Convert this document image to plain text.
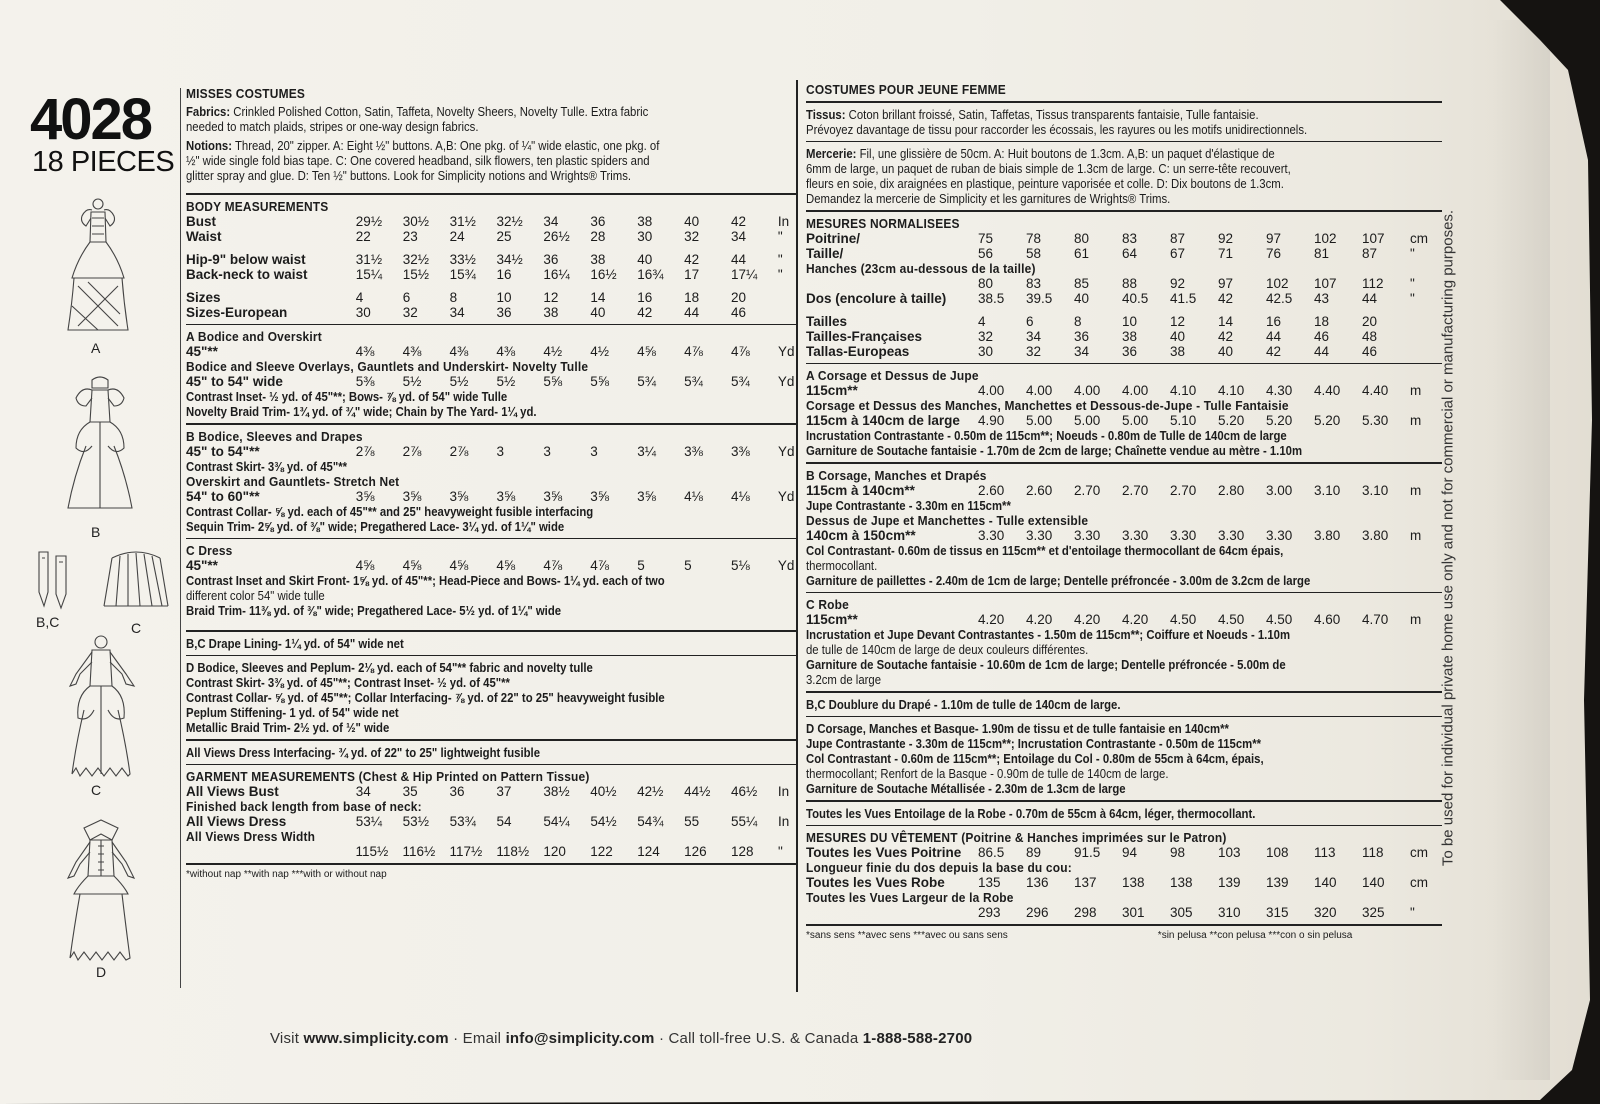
4028
18 PIECES
A
B
B,C	C
C
D
MISSES COSTUMES
Fabrics: Crinkled Polished Cotton, Satin, Taffeta, Novelty Sheers, Novelty Tulle. Extra fabric
needed to match plaids, stripes or one-way design fabrics.
Notions: Thread, 20" zipper. A: Eight ½" buttons. A,B: One pkg. of ¼" wide elastic, one pkg. of
½" wide single fold bias tape. C: One covered headband, silk flowers, ten plastic spiders and
glitter spray and glue. D: Ten ½" buttons. Look for Simplicity notions and Wrights® Trims.
BODY MEASUREMENTS
Bust	29½	30½	31½	32½	34	36	38	40	42	In
Waist	22	23	24	25	26½	28	30	32	34	"

Hip-9" below waist	31½	32½	33½	34½	36	38	40	42	44	"
Back-neck to waist	15¼	15½	15¾	16	16¼	16½	16¾	17	17¼	"

Sizes	4	6	8	10	12	14	16	18	20	
Sizes-European	30	32	34	36	38	40	42	44	46	
A Bodice and Overskirt
45"**	4⅜	4⅜	4⅜	4⅜	4½	4½	4⅝	4⅞	4⅞	Yd
Bodice and Sleeve Overlays, Gauntlets and Underskirt- Novelty Tulle
45" to 54" wide	5⅜	5½	5½	5½	5⅝	5⅝	5¾	5¾	5¾	Yd
Contrast Inset- ½ yd. of 45"**; Bows- ⅞ yd. of 54" wide Tulle
Novelty Braid Trim- 1¾ yd. of ¾" wide; Chain by The Yard- 1¼ yd.
B Bodice, Sleeves and Drapes
45" to 54"**	2⅞	2⅞	2⅞	3	3	3	3¼	3⅜	3⅜	Yd
Contrast Skirt- 3⅜ yd. of 45"**
Overskirt and Gauntlets- Stretch Net
54" to 60"**	3⅝	3⅝	3⅝	3⅝	3⅝	3⅝	3⅝	4⅛	4⅛	Yd
Contrast Collar- ⅝ yd. each of 45"** and 25" heavyweight fusible interfacing
Sequin Trim- 2⅝ yd. of ⅜" wide; Pregathered Lace- 3¼ yd. of 1¼" wide
C Dress
45"**	4⅝	4⅝	4⅝	4⅝	4⅞	4⅞	5	5	5⅛	Yd
Contrast Inset and Skirt Front- 1⅝ yd. of 45"**; Head-Piece and Bows- 1¼ yd. each of two
different color 54" wide tulle
Braid Trim- 11⅜ yd. of ⅜" wide; Pregathered Lace- 5½ yd. of 1¼" wide
B,C Drape Lining- 1¼ yd. of 54" wide net
D Bodice, Sleeves and Peplum- 2⅛ yd. each of 54"** fabric and novelty tulle
Contrast Skirt- 3⅜ yd. of 45"**; Contrast Inset- ½ yd. of 45"**
Contrast Collar- ⅝ yd. of 45"**; Collar Interfacing- ⅞ yd. of 22" to 25" heavyweight fusible
Peplum Stiffening- 1 yd. of 54" wide net
Metallic Braid Trim- 2½ yd. of ½" wide
All Views Dress Interfacing- ¾ yd. of 22" to 25" lightweight fusible
GARMENT MEASUREMENTS (Chest & Hip Printed on Pattern Tissue)
All Views Bust	34	35	36	37	38½	40½	42½	44½	46½	In
Finished back length from base of neck:
All Views Dress	53¼	53½	53¾	54	54¼	54½	54¾	55	55¼	In
All Views Dress Width
	115½	116½	117½	118½	120	122	124	126	128	"
*without nap **with nap ***with or without nap
COSTUMES POUR JEUNE FEMME
Tissus: Coton brillant froissé, Satin, Taffetas, Tissus transparents fantaisie, Tulle fantaisie.
Prévoyez davantage de tissu pour raccorder les écossais, les rayures ou les motifs unidirectionnels.
Mercerie: Fil, une glissière de 50cm. A: Huit boutons de 1.3cm. A,B: un paquet d'élastique de
6mm de large, un paquet de ruban de biais simple de 1.3cm de large. C: un serre-tête recouvert,
fleurs en soie, dix araignées en plastique, peinture vaporisée et colle. D: Dix boutons de 1.3cm.
Demandez la mercerie de Simplicity et les garnitures de Wrights® Trims.
MESURES NORMALISEES
Poitrine/	75	78	80	83	87	92	97	102	107	cm
Taille/	56	58	61	64	67	71	76	81	87	"
Hanches (23cm au-dessous de la taille)
	80	83	85	88	92	97	102	107	112	"
Dos (encolure à taille)	38.5	39.5	40	40.5	41.5	42	42.5	43	44	"

Tailles	4	6	8	10	12	14	16	18	20	
Tailles-Françaises	32	34	36	38	40	42	44	46	48	
Tallas-Europeas	30	32	34	36	38	40	42	44	46	
A Corsage et Dessus de Jupe
115cm**	4.00	4.00	4.00	4.00	4.10	4.10	4.30	4.40	4.40	m
Corsage et Dessus des Manches, Manchettes et Dessous-de-Jupe - Tulle Fantaisie
115cm à 140cm de large	4.90	5.00	5.00	5.00	5.10	5.20	5.20	5.20	5.30	m
Incrustation Contrastante - 0.50m de 115cm**; Noeuds - 0.80m de Tulle de 140cm de large
Garniture de Soutache fantaisie - 1.70m de 2cm de large; Chaînette vendue au mètre - 1.10m
B Corsage, Manches et Drapés
115cm à 140cm**	2.60	2.60	2.70	2.70	2.70	2.80	3.00	3.10	3.10	m
Jupe Contrastante - 3.30m en 115cm**
Dessus de Jupe et Manchettes - Tulle extensible
140cm à 150cm**	3.30	3.30	3.30	3.30	3.30	3.30	3.30	3.80	3.80	m
Col Contrastant- 0.60m de tissus en 115cm** et d'entoilage thermocollant de 64cm épais,
thermocollant.
Garniture de paillettes - 2.40m de 1cm de large; Dentelle préfroncée - 3.00m de 3.2cm de large
C Robe
115cm**	4.20	4.20	4.20	4.20	4.50	4.50	4.50	4.60	4.70	m
Incrustation et Jupe Devant Contrastantes - 1.50m de 115cm**; Coiffure et Noeuds - 1.10m
de tulle de 140cm de large de deux couleurs différentes.
Garniture de Soutache fantaisie - 10.60m de 1cm de large; Dentelle préfroncée - 5.00m de
3.2cm de large
B,C Doublure du Drapé - 1.10m de tulle de 140cm de large.
D Corsage, Manches et Basque- 1.90m de tissu et de tulle fantaisie en 140cm**
Jupe Contrastante - 3.30m de 115cm**; Incrustation Contrastante - 0.50m de 115cm**
Col Contrastant - 0.60m de 115cm**; Entoilage du Col - 0.80m de 55cm à 64cm, épais,
thermocollant; Renfort de la Basque - 0.90m de tulle de 140cm de large.
Garniture de Soutache Métallisée - 2.30m de 1.3cm de large
Toutes les Vues Entoilage de la Robe - 0.70m de 55cm à 64cm, léger, thermocollant.
MESURES DU VÊTEMENT (Poitrine & Hanches imprimées sur le Patron)
Toutes les Vues Poitrine	86.5	89	91.5	94	98	103	108	113	118	cm
Longueur finie du dos depuis la base du cou:
Toutes les Vues Robe	135	136	137	138	138	139	139	140	140	cm
Toutes les Vues Largeur de la Robe
	293	296	298	301	305	310	315	320	325	"
*sans sens **avec sens ***avec ou sans sens	*sin pelusa **con pelusa ***con o sin pelusa
Visit www.simplicity.com · Email info@simplicity.com · Call toll-free U.S. & Canada 1-888-588-2700
To be used for individual private home use only and not for commercial or manufacturing purposes.
